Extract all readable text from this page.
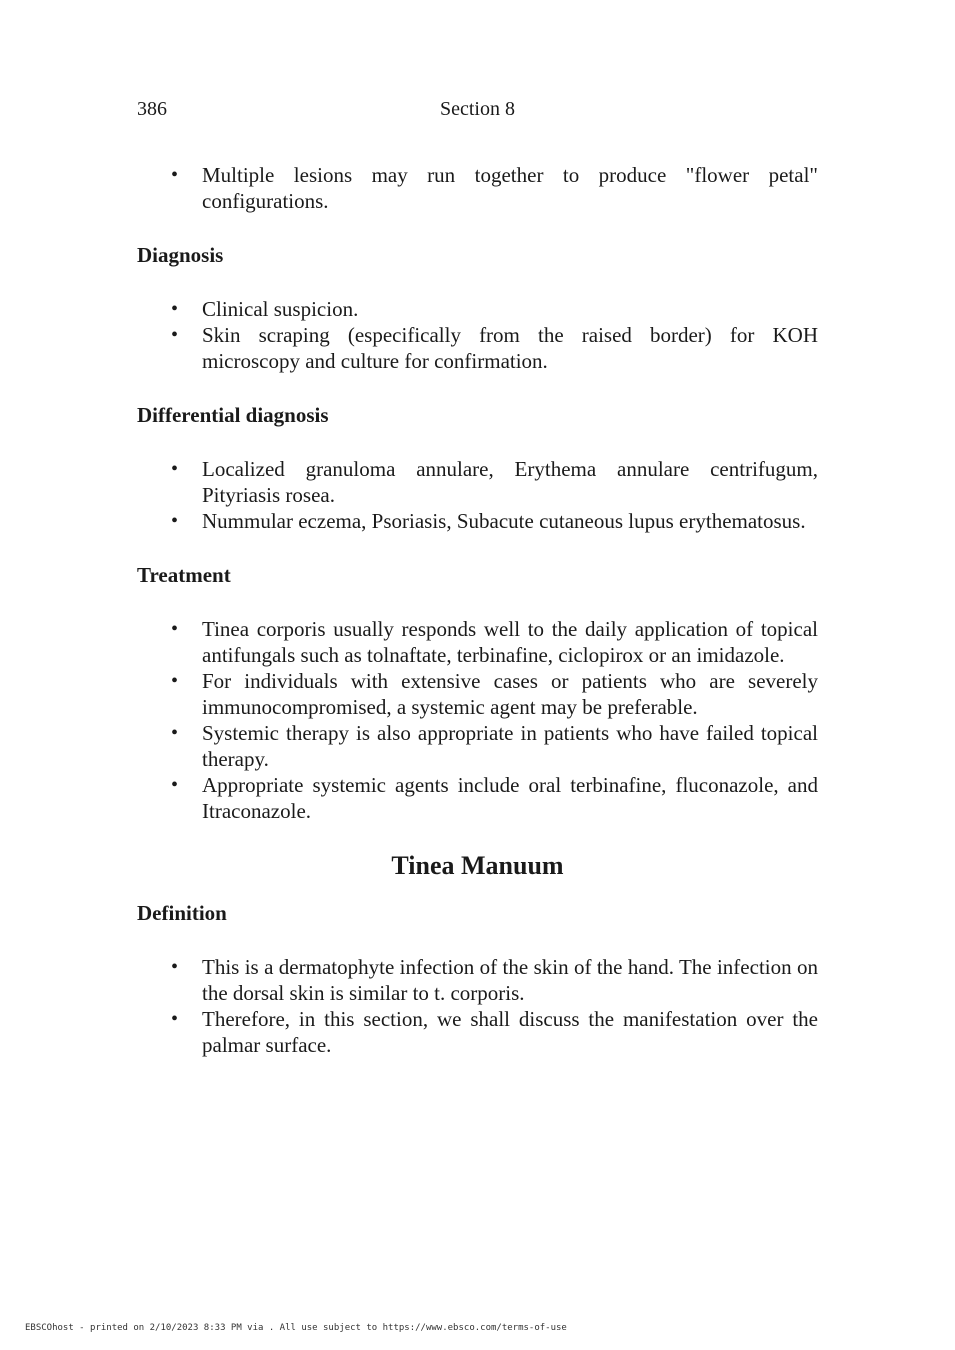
386	Section 8
• Multiple lesions may run together to produce "flower petal" configurations.
Diagnosis
• Clinical suspicion.
• Skin scraping (especifically from the raised border) for KOH microscopy and culture for confirmation.
Differential diagnosis
• Localized granuloma annulare, Erythema annulare centrifugum, Pityriasis rosea.
• Nummular eczema, Psoriasis, Subacute cutaneous lupus erythematosus.
Treatment
• Tinea corporis usually responds well to the daily application of topical antifungals such as tolnaftate, terbinafine, ciclopirox or an imidazole.
• For individuals with extensive cases or patients who are severely immunocompromised, a systemic agent may be preferable.
• Systemic therapy is also appropriate in patients who have failed topical therapy.
• Appropriate systemic agents include oral terbinafine, fluconazole, and Itraconazole.
Tinea Manuum
Definition
• This is a dermatophyte infection of the skin of the hand. The infection on the dorsal skin is similar to t. corporis.
• Therefore, in this section, we shall discuss the manifestation over the palmar surface.
EBSCOhost - printed on 2/10/2023 8:33 PM via . All use subject to https://www.ebsco.com/terms-of-use
